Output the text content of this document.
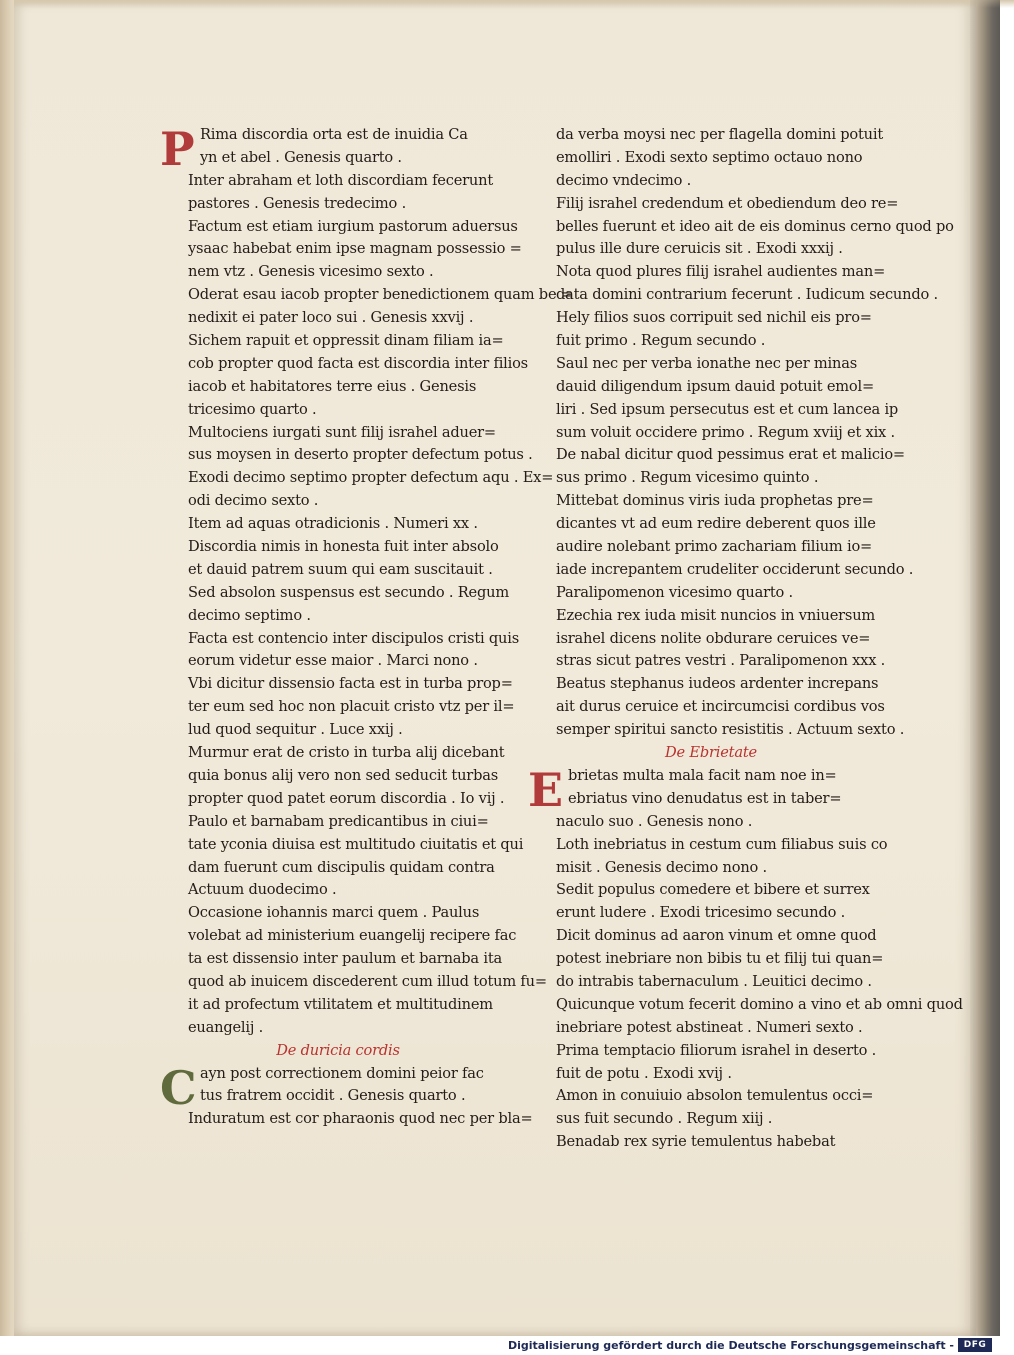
P Rima discordia orta est de inuidia Ca
yn et abel . Genesis quarto .
Inter abraham et loth discordiam fecerunt
pastores . Genesis tredecimo .
Factum est etiam iurgium pastorum aduersus
ysaac habebat enim ipse magnam possessio =
nem vtz . Genesis vicesimo sexto .
Oderat esau iacob propter benedictionem quam be =
nedixit ei pater loco sui . Genesis xxvij .
Sichem rapuit et oppressit dinam filiam ia=
cob propter quod facta est discordia inter filios
iacob et habitatores terre eius . Genesis
tricesimo quarto .
Multociens iurgati sunt filij israhel aduer=
sus moysen in deserto propter defectum potus .
Exodi decimo septimo propter defectum aqu . Ex=
odi decimo sexto .
Item ad aquas otradicionis . Numeri xx .
Discordia nimis in honesta fuit inter absolo
et dauid patrem suum qui eam suscitauit .
Sed absolon suspensus est secundo . Regum
decimo septimo .
Facta est contencio inter discipulos cristi quis
eorum videtur esse maior . Marci nono .
Vbi dicitur dissensio facta est in turba prop=
ter eum sed hoc non placuit cristo vtz per il=
lud quod sequitur . Luce xxij .
Murmur erat de cristo in turba alij dicebant
quia bonus alij vero non sed seducit turbas
propter quod patet eorum discordia . Io vij .
Paulo et barnabam predicantibus in ciui=
tate yconia diuisa est multitudo ciuitatis et qui
dam fuerunt cum discipulis quidam contra
Actuum duodecimo .
Occasione iohannis marci quem . Paulus
volebat ad ministerium euangelij recipere fac
ta est dissensio inter paulum et barnaba ita
quod ab inuicem discederent cum illud totum fu=
it ad profectum vtilitatem et multitudinem
euangelij .
De duricia cordis
C ayn post correctionem domini peior fac
tus fratrem occidit . Genesis quarto .
Induratum est cor pharaonis quod nec per bla=
da verba moysi nec per flagella domini potuit
emolliri . Exodi sexto septimo octauo nono
decimo vndecimo .
Filij israhel credendum et obediendum deo re=
belles fuerunt et ideo ait de eis dominus cerno quod po
pulus ille dure ceruicis sit . Exodi xxxij .
Nota quod plures filij israhel audientes man=
data domini contrarium fecerunt . Iudicum secundo .
Hely filios suos corripuit sed nichil eis pro=
fuit primo . Regum secundo .
Saul nec per verba ionathe nec per minas
dauid diligendum ipsum dauid potuit emol=
liri . Sed ipsum persecutus est et cum lancea ip
sum voluit occidere primo . Regum xviij et xix .
De nabal dicitur quod pessimus erat et malicio=
sus primo . Regum vicesimo quinto .
Mittebat dominus viris iuda prophetas pre=
dicantes vt ad eum redire deberent quos ille
audire nolebant primo zachariam filium io=
iade increpantem crudeliter occiderunt secundo .
Paralipomenon vicesimo quarto .
Ezechia rex iuda misit nuncios in vniuersum
israhel dicens nolite obdurare ceruices ve=
stras sicut patres vestri . Paralipomenon xxx .
Beatus stephanus iudeos ardenter increpans
ait durus ceruice et incircumcisi cordibus vos
semper spiritui sancto resistitis . Actuum sexto .
De Ebrietate
E brietas multa mala facit nam noe in=
ebriatus vino denudatus est in taber=
naculo suo . Genesis nono .
Loth inebriatus in cestum cum filiabus suis co
misit . Genesis decimo nono .
Sedit populus comedere et bibere et surrex
erunt ludere . Exodi tricesimo secundo .
Dicit dominus ad aaron vinum et omne quod
potest inebriare non bibis tu et filij tui quan=
do intrabis tabernaculum . Leuitici decimo .
Quicunque votum fecerit domino a vino et ab omni quod
inebriare potest abstineat . Numeri sexto .
Prima temptacio filiorum israhel in deserto .
fuit de potu . Exodi xvij .
Amon in conuiuio absolon temulentus occi=
sus fuit secundo . Regum xiij .
Benadab rex syrie temulentus habebat
Digitalisierung gefördert durch die Deutsche Forschungsgemeinschaft -	DFG
